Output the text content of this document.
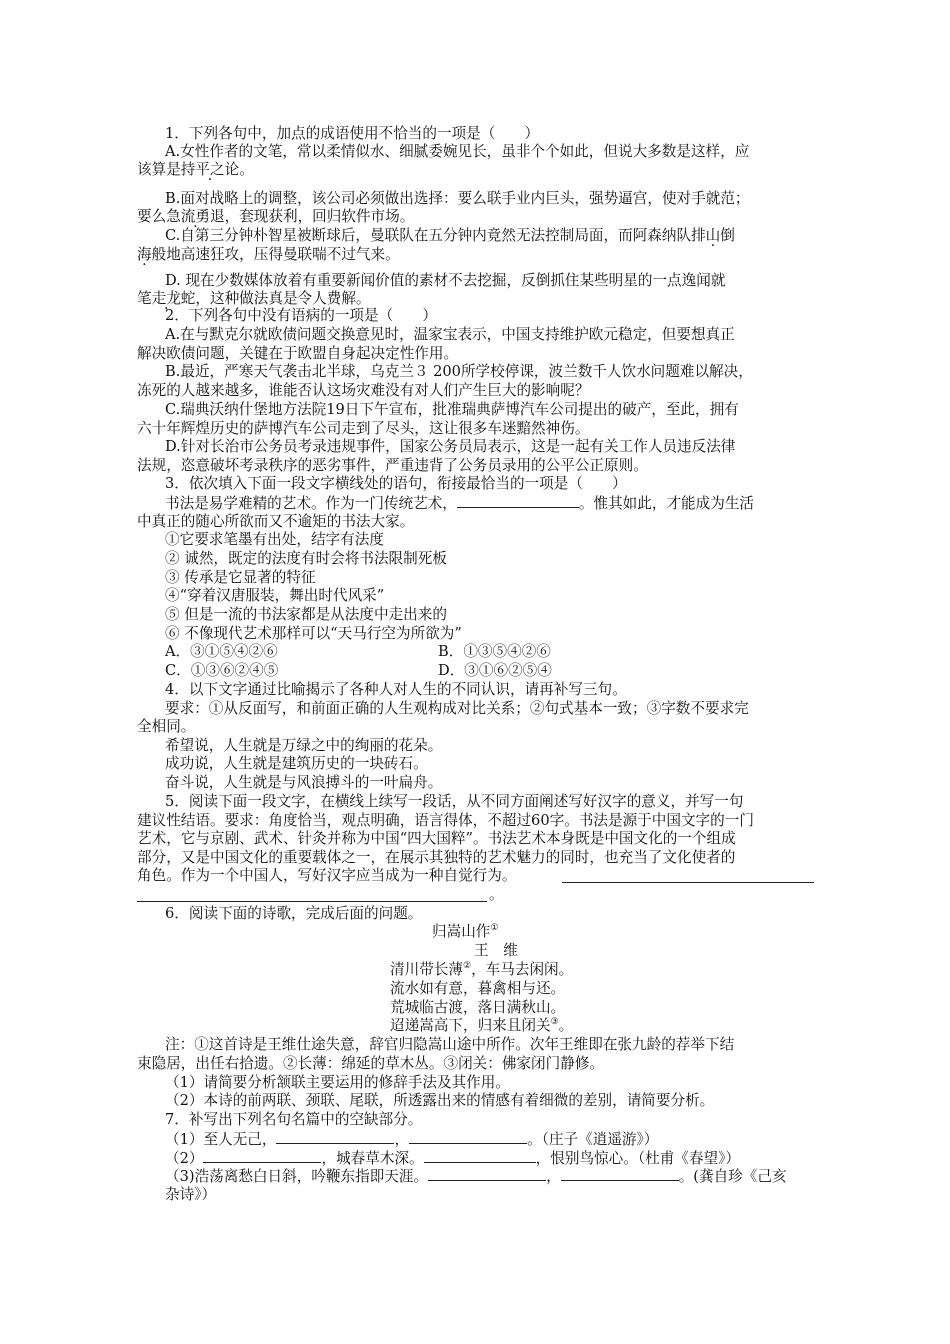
1．下列各句中，加点的成语使用不恰当的一项是（　　）
A.女性作者的文笔，常以柔情似水、细腻委婉见长，虽非个个如此，但说大多数是这样，应
该算是持平之论。
B.面对战略上的调整，该公司必须做出选择：要么联手业内巨头，强势逼宫，使对手就范；
要么急流勇退，套现获利，回归软件市场。
C.自第三分钟朴智星被断球后，曼联队在五分钟内竟然无法控制局面，而阿森纳队排山倒
海般地高速狂攻，压得曼联喘不过气来。
D. 现在少数媒体放着有重要新闻价值的素材不去挖掘，反倒抓住某些明星的一点逸闻就
笔走龙蛇，这种做法真是令人费解。
2．下列各句中没有语病的一项是（　　）
A.在与默克尔就欧债问题交换意见时，温家宝表示，中国支持维护欧元稳定，但要想真正
解决欧债问题，关键在于欧盟自身起决定性作用。
B.最近，严寒天气袭击北半球，乌克兰３ 200所学校停课，波兰数千人饮水问题难以解决，
冻死的人越来越多，谁能否认这场灾难没有对人们产生巨大的影响呢？
C.瑞典沃纳什堡地方法院19日下午宣布，批准瑞典萨博汽车公司提出的破产，至此，拥有
六十年辉煌历史的萨博汽车公司走到了尽头，这让很多车迷黯然神伤。
D.针对长治市公务员考录违规事件，国家公务员局表示，这是一起有关工作人员违反法律
法规，恣意破坏考录秩序的恶劣事件，严重违背了公务员录用的公平公正原则。
3．依次填入下面一段文字横线处的语句，衔接最恰当的一项是（　　）
书法是易学难精的艺术。作为一门传统艺术，	。惟其如此，才能成为生活
中真正的随心所欲而又不逾矩的书法大家。
①它要求笔墨有出处，结字有法度
② 诚然，既定的法度有时会将书法限制死板
③ 传承是它显著的特征
④“穿着汉唐服装，舞出时代风采”
⑤ 但是一流的书法家都是从法度中走出来的
⑥ 不像现代艺术那样可以“天马行空为所欲为”
A．③①⑤④②⑥	B．①③⑤④②⑥
C．①③⑥②④⑤	D．③①⑥②⑤④
4．以下文字通过比喻揭示了各种人对人生的不同认识，请再补写三句。
要求：①从反面写，和前面正确的人生观构成对比关系；②句式基本一致；③字数不要求完
全相同。
希望说，人生就是万绿之中的绚丽的花朵。
成功说，人生就是建筑历史的一块砖石。
奋斗说，人生就是与风浪搏斗的一叶扁舟。
5．阅读下面一段文字，在横线上续写一段话，从不同方面阐述写好汉字的意义，并写一句
建议性结语。要求：角度恰当，观点明确，语言得体，不超过60字。书法是源于中国文字的一门
艺术，它与京剧、武术、针灸并称为中国“四大国粹”。书法艺术本身既是中国文化的一个组成
部分，又是中国文化的重要载体之一，在展示其独特的艺术魅力的同时，也充当了文化使者的
角色。作为一个中国人，写好汉字应当成为一种自觉行为。
。
6．阅读下面的诗歌，完成后面的问题。
归嵩山作①
王　维
清川带长薄②，车马去闲闲。
流水如有意，暮禽相与还。
荒城临古渡，落日满秋山。
迢递嵩高下，归来且闭关③。
注：①这首诗是王维仕途失意，辞官归隐嵩山途中所作。次年王维即在张九龄的荐举下结
束隐居，出任右拾遗。②长薄：绵延的草木丛。③闭关：佛家闭门静修。
（1）请简要分析颔联主要运用的修辞手法及其作用。
（2）本诗的前两联、颈联、尾联，所透露出来的情感有着细微的差别，请简要分析。
7．补写出下列名句名篇中的空缺部分。
（1）至人无己，	，	。（庄子《逍遥游》）
（2）	，城春草木深。	，恨别鸟惊心。（杜甫《春望》）
（3)浩荡离愁白日斜，吟鞭东指即天涯。	，	。(龚自珍《己亥
杂诗》）
